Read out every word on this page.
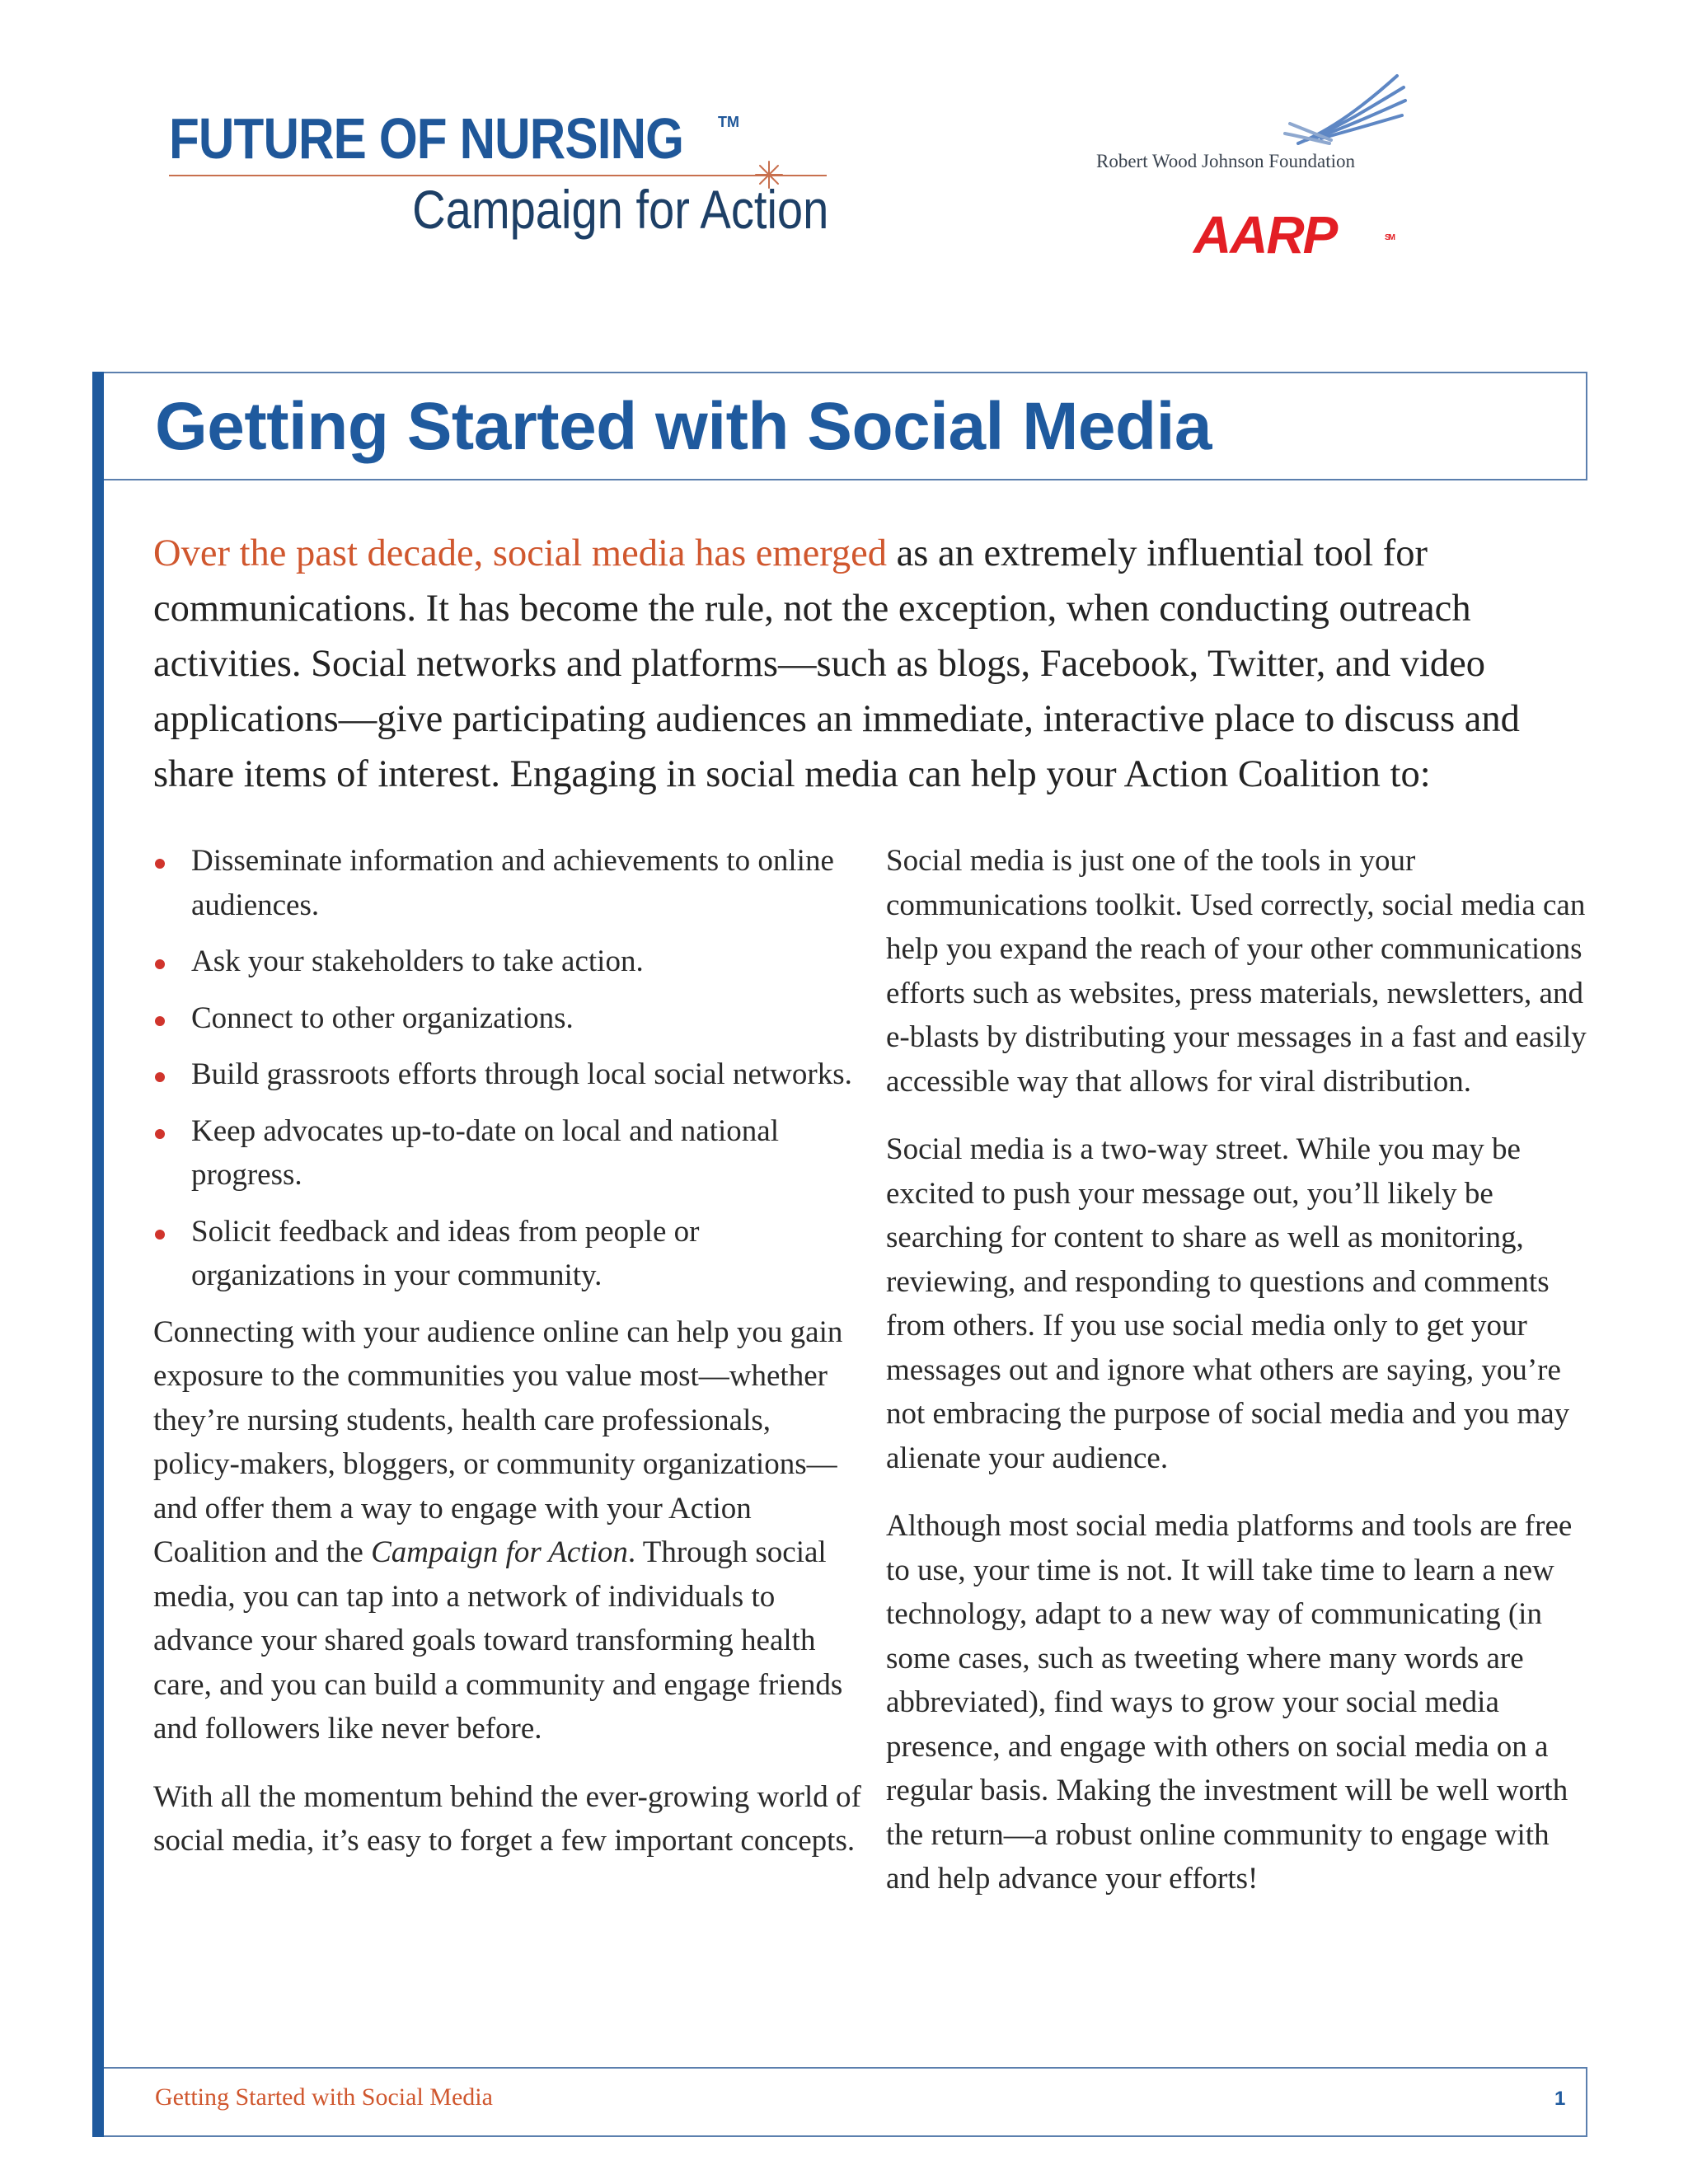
FUTURE OF NURSING TM
Campaign for Action
Robert Wood Johnson Foundation
AARP	SM
Getting Started with Social Media
Over the past decade, social media has emerged as an extremely influential tool for communications. It has become the rule, not the exception, when conducting outreach activities. Social networks and platforms—such as blogs, Facebook, Twitter, and video applications—give participating audiences an immediate, interactive place to discuss and share items of interest. Engaging in social media can help your Action Coalition to:
Disseminate information and achievements to online audiences.
Ask your stakeholders to take action.
Connect to other organizations.
Build grassroots efforts through local social networks.
Keep advocates up-to-date on local and national progress.
Solicit feedback and ideas from people or organizations in your community.

Connecting with your audience online can help you gain exposure to the communities you value most—whether they’re nursing students, health care professionals, policy-makers, bloggers, or community organizations—and offer them a way to engage with your Action Coalition and the Campaign for Action. Through social media, you can tap into a network of individuals to advance your shared goals toward transforming health care, and you can build a community and engage friends and followers like never before.

With all the momentum behind the ever-growing world of social media, it’s easy to forget a few important concepts.

Social media is just one of the tools in your communications toolkit. Used correctly, social media can help you expand the reach of your other communications efforts such as websites, press materials, newsletters, and e-blasts by distributing your messages in a fast and easily accessible way that allows for viral distribution.

Social media is a two-way street. While you may be excited to push your message out, you’ll likely be searching for content to share as well as monitoring, reviewing, and responding to questions and comments from others. If you use social media only to get your messages out and ignore what others are saying, you’re not embracing the purpose of social media and you may alienate your audience.

Although most social media platforms and tools are free to use, your time is not. It will take time to learn a new technology, adapt to a new way of communicating (in some cases, such as tweeting where many words are abbreviated), find ways to grow your social media presence, and engage with others on social media on a regular basis. Making the investment will be well worth the return—a robust online community to engage with and help advance your efforts!

Getting Started with Social Media	1
